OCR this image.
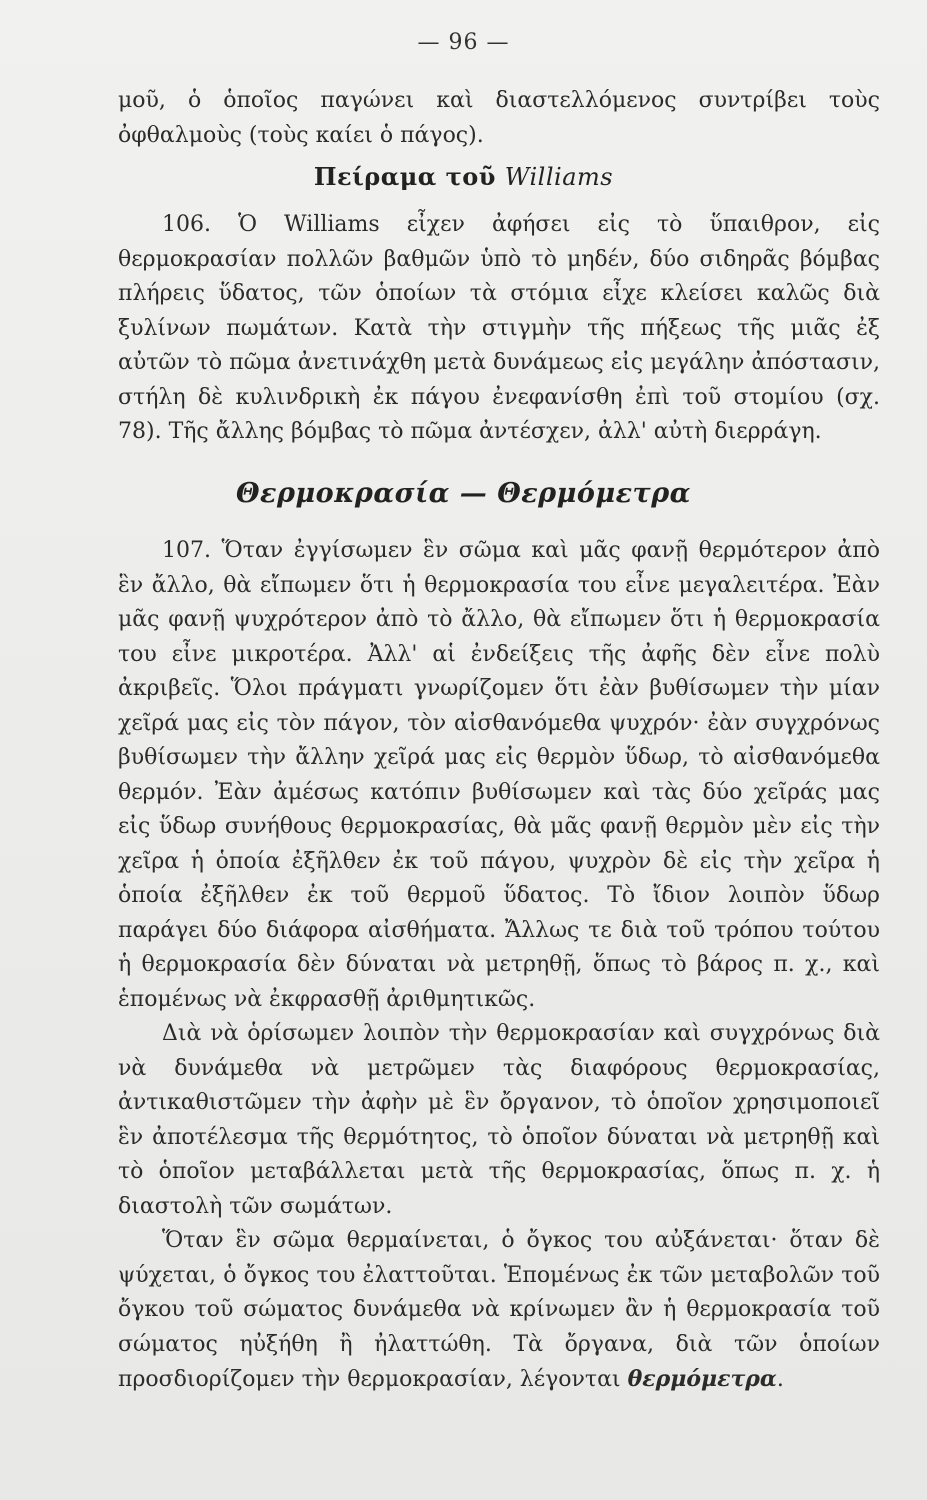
— 96 —

μοῦ, ὁ ὁποῖος παγώνει καὶ διαστελλόμενος συντρίβει τοὺς ὀφθαλμοὺς (τοὺς καίει ὁ πάγος).

Πείραμα τοῦ Williams

106. Ὁ Williams εἶχεν ἀφήσει εἰς τὸ ὕπαιθρον, εἰς θερμοκρασίαν πολλῶν βαθμῶν ὑπὸ τὸ μηδέν, δύο σιδηρᾶς βόμβας πλήρεις ὕδατος, τῶν ὁποίων τὰ στόμια εἶχε κλείσει καλῶς διὰ ξυλίνων πωμάτων. Κατὰ τὴν στιγμὴν τῆς πήξεως τῆς μιᾶς ἐξ αὐτῶν τὸ πῶμα ἀνετινάχθη μετὰ δυνάμεως εἰς μεγάλην ἀπόστασιν, στήλη δὲ κυλινδρικὴ ἐκ πάγου ἐνεφανίσθη ἐπὶ τοῦ στομίου (σχ. 78). Τῆς ἄλλης βόμβας τὸ πῶμα ἀντέσχεν, ἀλλ' αὐτὴ διερράγη.

Θερμοκρασία — Θερμόμετρα

107. Ὅταν ἐγγίσωμεν ἓν σῶμα καὶ μᾶς φανῇ θερμότερον ἀπὸ ἓν ἄλλο, θὰ εἴπωμεν ὅτι ἡ θερμοκρασία του εἶνε μεγαλειτέρα. Ἐὰν μᾶς φανῇ ψυχρότερον ἀπὸ τὸ ἄλλο, θὰ εἴπωμεν ὅτι ἡ θερμοκρασία του εἶνε μικροτέρα. Ἀλλ' αἱ ἐνδείξεις τῆς ἀφῆς δὲν εἶνε πολὺ ἀκριβεῖς. Ὅλοι πράγματι γνωρίζομεν ὅτι ἐὰν βυθίσωμεν τὴν μίαν χεῖρά μας εἰς τὸν πάγον, τὸν αἰσθανόμεθα ψυχρόν· ἐὰν συγχρόνως βυθίσωμεν τὴν ἄλλην χεῖρά μας εἰς θερμὸν ὕδωρ, τὸ αἰσθανόμεθα θερμόν. Ἐὰν ἀμέσως κατόπιν βυθίσωμεν καὶ τὰς δύο χεῖράς μας εἰς ὕδωρ συνήθους θερμοκρασίας, θὰ μᾶς φανῇ θερμὸν μὲν εἰς τὴν χεῖρα ἡ ὁποία ἐξῆλθεν ἐκ τοῦ πάγου, ψυχρὸν δὲ εἰς τὴν χεῖρα ἡ ὁποία ἐξῆλθεν ἐκ τοῦ θερμοῦ ὕδατος. Τὸ ἴδιον λοιπὸν ὕδωρ παράγει δύο διάφορα αἰσθήματα. Ἄλλως τε διὰ τοῦ τρόπου τούτου ἡ θερμοκρασία δὲν δύναται νὰ μετρηθῇ, ὅπως τὸ βάρος π. χ., καὶ ἑπομένως νὰ ἐκφρασθῇ ἀριθμητικῶς.

Διὰ νὰ ὁρίσωμεν λοιπὸν τὴν θερμοκρασίαν καὶ συγχρόνως διὰ νὰ δυνάμεθα νὰ μετρῶμεν τὰς διαφόρους θερμοκρασίας, ἀντικαθιστῶμεν τὴν ἀφὴν μὲ ἓν ὄργανον, τὸ ὁποῖον χρησιμοποιεῖ ἓν ἀποτέλεσμα τῆς θερμότητος, τὸ ὁποῖον δύναται νὰ μετρηθῇ καὶ τὸ ὁποῖον μεταβάλλεται μετὰ τῆς θερμοκρασίας, ὅπως π. χ. ἡ διαστολὴ τῶν σωμάτων.

Ὅταν ἓν σῶμα θερμαίνεται, ὁ ὄγκος του αὐξάνεται· ὅταν δὲ ψύχεται, ὁ ὄγκος του ἐλαττοῦται. Ἑπομένως ἐκ τῶν μεταβολῶν τοῦ ὄγκου τοῦ σώματος δυνάμεθα νὰ κρίνωμεν ἂν ἡ θερμοκρασία τοῦ σώματος ηὐξήθη ἢ ἠλαττώθη. Τὰ ὄργανα, διὰ τῶν ὁποίων προσδιορίζομεν τὴν θερμοκρασίαν, λέγονται θερμόμετρα.
